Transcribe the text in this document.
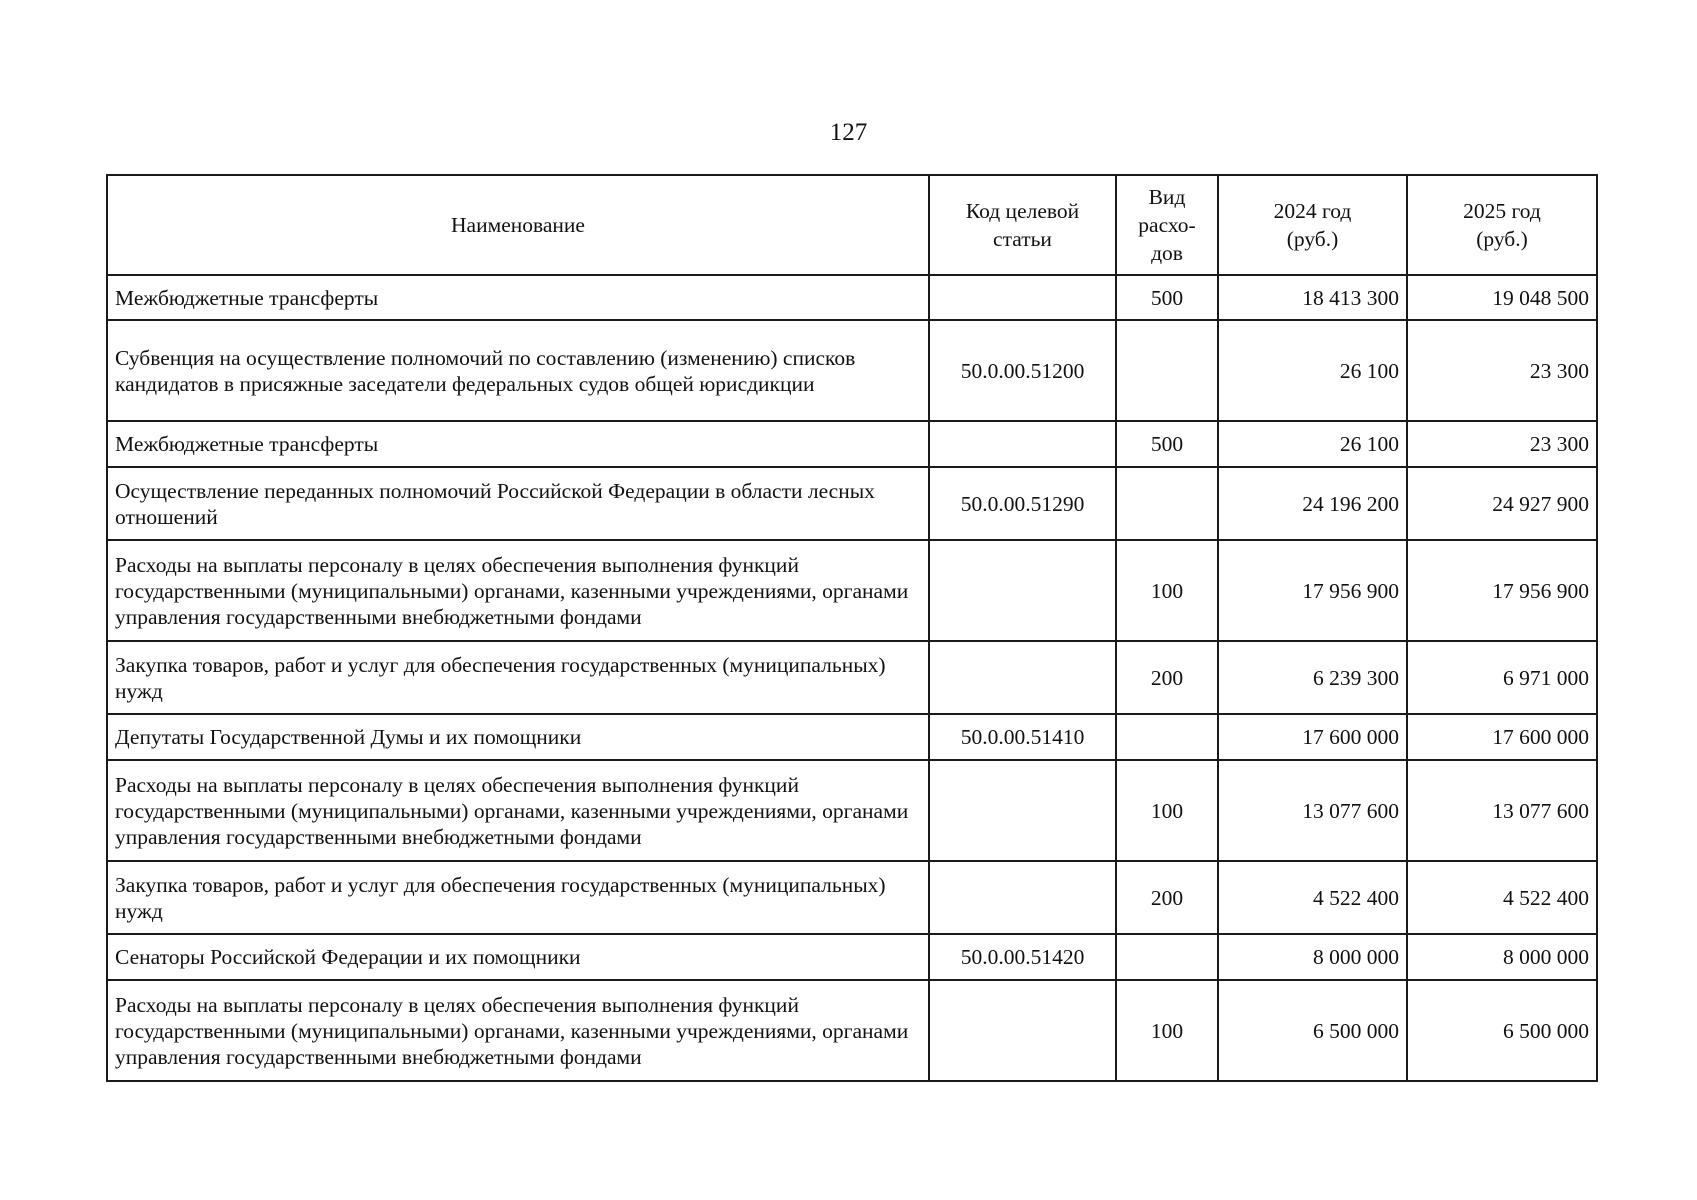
127
Наименование	Код целевой статьи	Вид расхо-дов	2024 год (руб.)	2025 год (руб.)
Межбюджетные трансферты		500	18 413 300	19 048 500
Субвенция на осуществление полномочий по составлению (изменению) списков кандидатов в присяжные заседатели федеральных судов общей юрисдикции	50.0.00.51200		26 100	23 300
Межбюджетные трансферты		500	26 100	23 300
Осуществление переданных полномочий Российской Федерации в области лесных отношений	50.0.00.51290		24 196 200	24 927 900
Расходы на выплаты персоналу в целях обеспечения выполнения функций государственными (муниципальными) органами, казенными учреждениями, органами управления государственными внебюджетными фондами		100	17 956 900	17 956 900
Закупка товаров, работ и услуг для обеспечения государственных (муниципальных) нужд		200	6 239 300	6 971 000
Депутаты Государственной Думы и их помощники	50.0.00.51410		17 600 000	17 600 000
Расходы на выплаты персоналу в целях обеспечения выполнения функций государственными (муниципальными) органами, казенными учреждениями, органами управления государственными внебюджетными фондами		100	13 077 600	13 077 600
Закупка товаров, работ и услуг для обеспечения государственных (муниципальных) нужд		200	4 522 400	4 522 400
Сенаторы Российской Федерации и их помощники	50.0.00.51420		8 000 000	8 000 000
Расходы на выплаты персоналу в целях обеспечения выполнения функций государственными (муниципальными) органами, казенными учреждениями, органами управления государственными внебюджетными фондами		100	6 500 000	6 500 000
